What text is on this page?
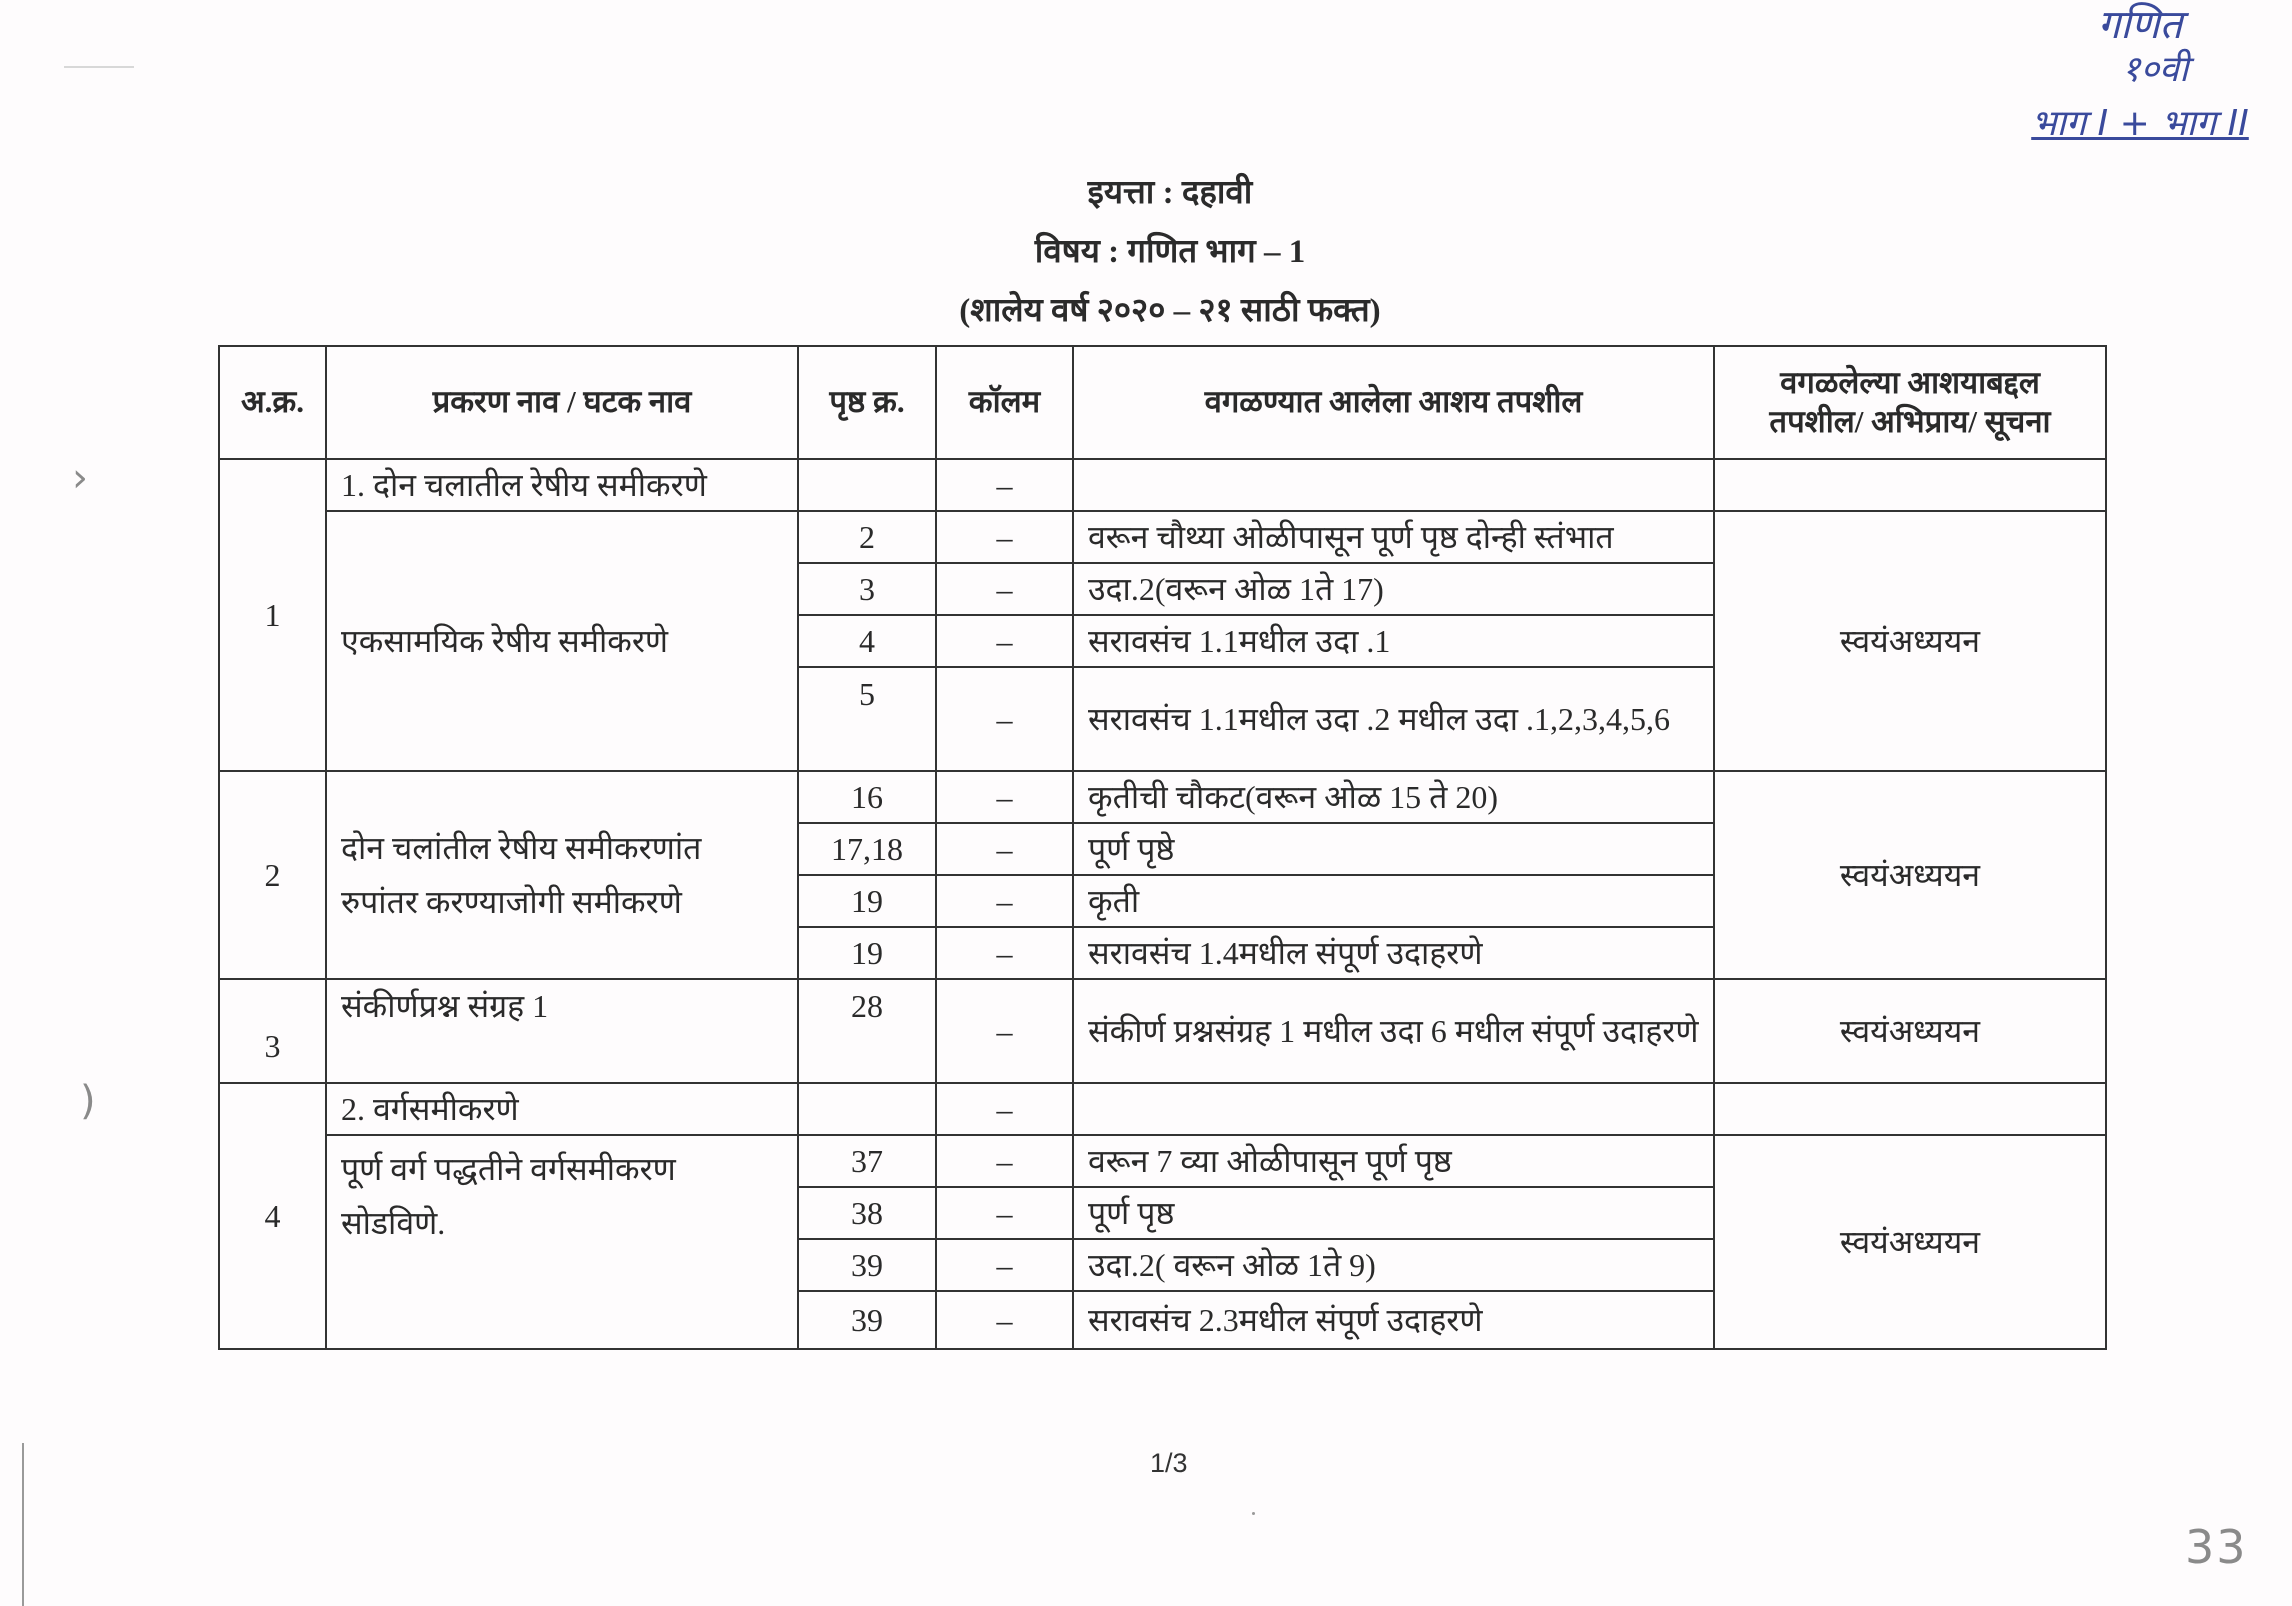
गणित
१०वी
भाग I + भाग II
›
)
इयत्ता : दहावी
विषय : गणित भाग – 1
(शालेय वर्ष २०२० – २१ साठी फक्त)
अ.क्र.	प्रकरण नाव / घटक नाव	पृष्ठ क्र.	कॉलम	वगळण्यात आलेला आशय तपशील	वगळलेल्या आशयाबद्दल तपशील/ अभिप्राय/ सूचना
1	1. दोन चलातील रेषीय समीकरणे		–		
	एकसामयिक रेषीय समीकरणे	2	–	वरून चौथ्या ओळीपासून पूर्ण पृष्ठ दोन्ही स्तंभात	स्वयंअध्ययन
		3	–	उदा.2(वरून ओळ 1ते 17)	
		4	–	सरावसंच 1.1मधील उदा .1	
		5	–	सरावसंच 1.1मधील उदा .2 मधील उदा .1,2,3,4,5,6	
2	दोन चलांतील रेषीय समीकरणांत रुपांतर करण्याजोगी समीकरणे	16	–	कृतीची चौकट(वरून ओळ 15 ते 20)	स्वयंअध्ययन
		17,18	–	पूर्ण पृष्ठे	
		19	–	कृती	
		19	–	सरावसंच 1.4मधील संपूर्ण उदाहरणे	
3	संकीर्णप्रश्न संग्रह 1	28	–	संकीर्ण प्रश्नसंग्रह 1 मधील उदा 6 मधील संपूर्ण उदाहरणे	स्वयंअध्ययन
4	2. वर्गसमीकरणे		–		
	पूर्ण वर्ग पद्धतीने वर्गसमीकरण सोडविणे.	37	–	वरून 7 व्या ओळीपासून पूर्ण पृष्ठ	स्वयंअध्ययन
		38	–	पूर्ण पृष्ठ	
		39	–	उदा.2( वरून ओळ 1ते 9)	
		39	–	सरावसंच 2.3मधील संपूर्ण उदाहरणे	
1/3
33
